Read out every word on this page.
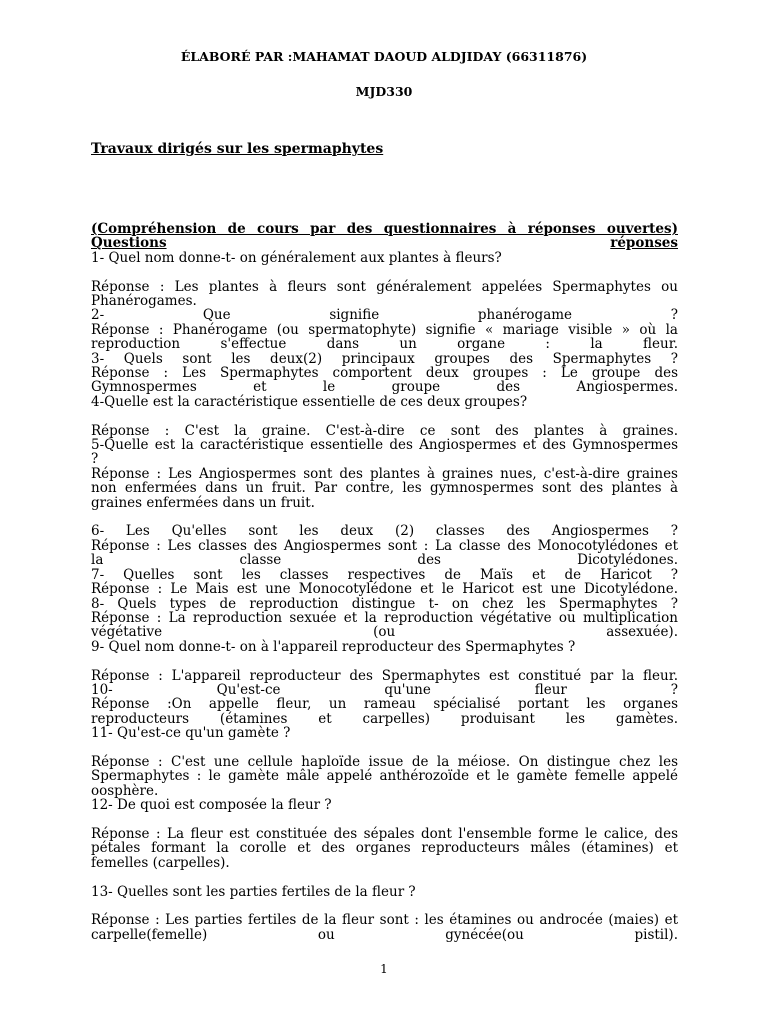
ÉLABORÉ PAR :MAHAMAT DAOUD ALDJIDAY (66311876)
MJD330
Travaux dirigés sur les spermaphytes

(Compréhension de cours par des questionnaires à réponses ouvertes)

Questions	réponses

1- Quel nom donne-t- on généralement aux plantes à fleurs?

Réponse : Les plantes à fleurs sont généralement appelées Spermaphytes ou

Phanérogames.

2- Que signifie phanérogame ?

Réponse : Phanérogame (ou spermatophyte) signifie « mariage visible » où la

reproduction s'effectue dans un organe : la fleur.

3- Quels sont les deux(2) principaux groupes des Spermaphytes ?

Réponse : Les Spermaphytes comportent deux groupes : Le groupe des

Gymnospermes et le groupe des Angiospermes.

4-Quelle est la caractéristique essentielle de ces deux groupes?

Réponse : C'est la graine. C'est-à-dire ce sont des plantes à graines.

5-Quelle est la caractéristique essentielle des Angiospermes et des Gymnospermes

?

Réponse : Les Angiospermes sont des plantes à graines nues, c'est-à-dire graines

non enfermées dans un fruit. Par contre, les gymnospermes sont des plantes à

graines enfermées dans un fruit.

6- Les Qu'elles sont les deux (2) classes des Angiospermes ?

Réponse : Les classes des Angiospermes sont : La classe des Monocotylédones et

la classe des Dicotylédones.

7- Quelles sont les classes respectives de Maïs et de Haricot ?

Réponse : Le Mais est une Monocotylédone et le Haricot est une Dicotylédone.

8- Quels types de reproduction distingue t- on chez les Spermaphytes ?

Réponse : La reproduction sexuée et la reproduction végétative ou multiplication

végétative (ou assexuée).

9- Quel nom donne-t- on à l'appareil reproducteur des Spermaphytes ?

Réponse : L'appareil reproducteur des Spermaphytes est constitué par la fleur.

10- Qu'est-ce qu'une fleur ?

Réponse :On appelle fleur, un rameau spécialisé portant les organes

reproducteurs (étamines et carpelles) produisant les gamètes.

11- Qu'est-ce qu'un gamète ?

Réponse : C'est une cellule haploïde issue de la méiose. On distingue chez les

Spermaphytes : le gamète mâle appelé anthérozoïde et le gamète femelle appelé

oosphère.

12- De quoi est composée la fleur ?

Réponse : La fleur est constituée des sépales dont l'ensemble forme le calice, des

pétales formant la corolle et des organes reproducteurs mâles (étamines) et

femelles (carpelles).

13- Quelles sont les parties fertiles de la fleur ?

Réponse : Les parties fertiles de la fleur sont : les étamines ou androcée (maies) et

carpelle(femelle) ou gynécée(ou pistil).

1
